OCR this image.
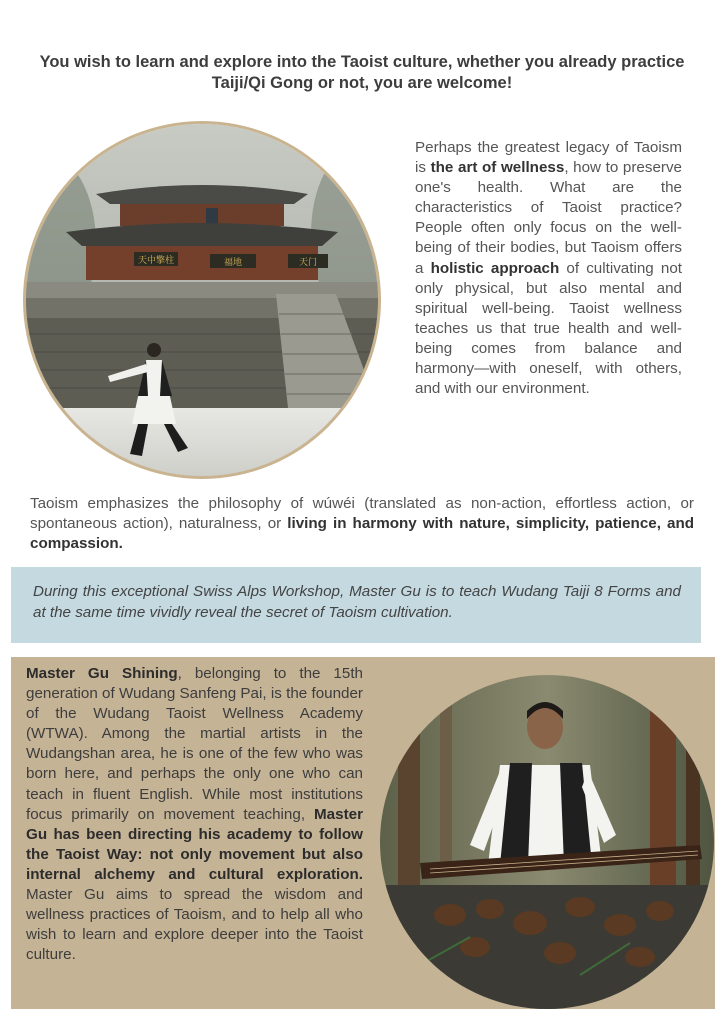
You wish to learn and explore into the Taoist culture, whether you already practice Taiji/Qi Gong or not, you are welcome!
天中擎柱	福地	天门
Perhaps the greatest legacy of Taoism is the art of wellness, how to preserve one's health. What are the characteristics of Taoist practice? People often only focus on the well-being of their bodies, but Taoism offers a holistic approach of cultivating not only physical, but also mental and spiritual well-being. Taoist wellness teaches us that true health and well-being comes from balance and harmony—with oneself, with others, and with our environment.
Taoism emphasizes the philosophy of wúwéi (translated as non-action, effortless action, or spontaneous action), naturalness, or living in harmony with nature, simplicity, patience, and compassion.
During this exceptional Swiss Alps Workshop, Master Gu is to teach Wudang Taiji 8 Forms and at the same time vividly reveal the secret of Taoism cultivation.
Master Gu Shining, belonging to the 15th generation of Wudang Sanfeng Pai, is the founder of the Wudang Taoist Wellness Academy (WTWA). Among the martial artists in the Wudangshan area, he is one of the few who was born here, and perhaps the only one who can teach in fluent English. While most institutions focus primarily on movement teaching, Master Gu has been directing his academy to follow the Taoist Way: not only movement but also internal alchemy and cultural exploration. Master Gu aims to spread the wisdom and wellness practices of Taoism, and to help all who wish to learn and explore deeper into the Taoist culture.
